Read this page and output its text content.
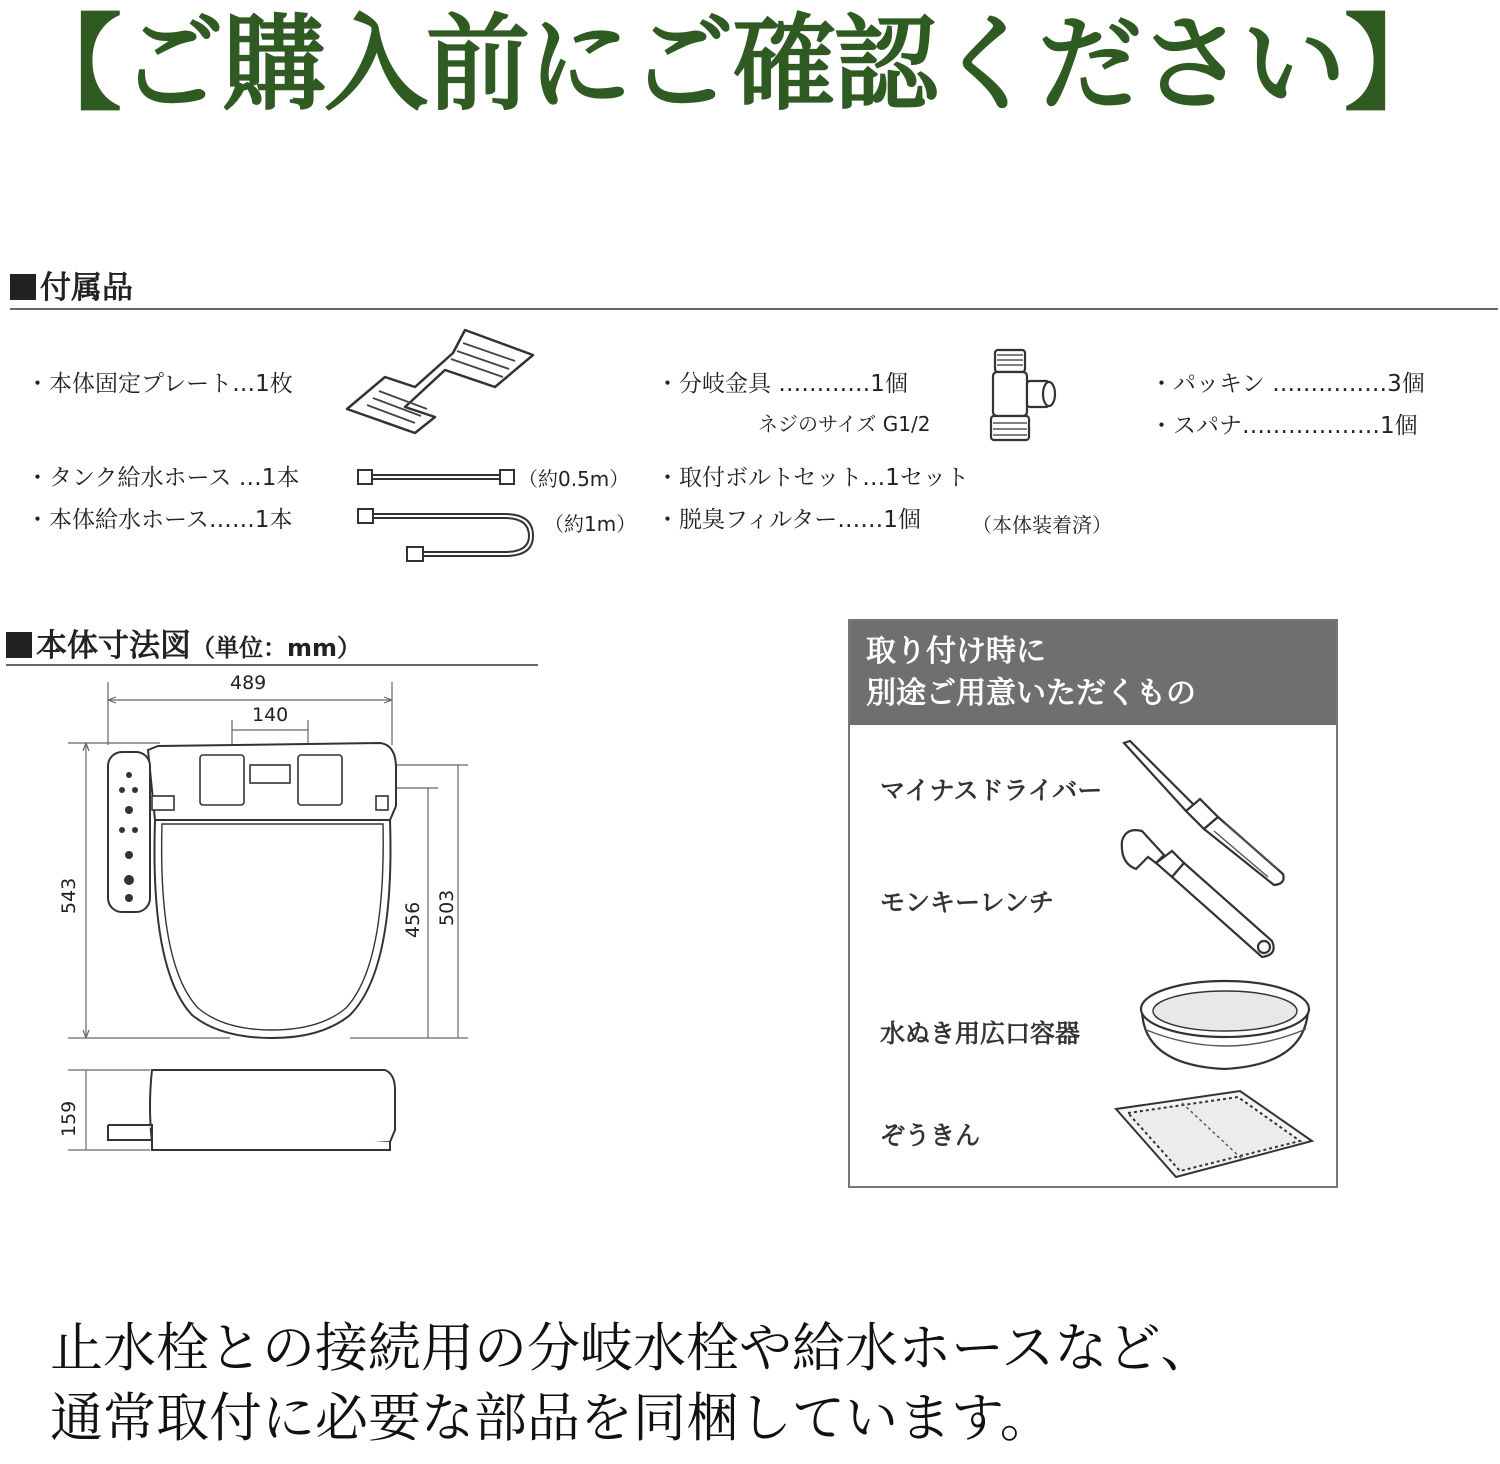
【ご購入前にご確認ください】
付属品
・本体固定プレート…1枚
・タンク給水ホース …1本	（約0.5m）
・本体給水ホース……1本	（約1m）
・分岐金具 …………1個
ネジのサイズ G1/2
・取付ボルトセット…1セット
・脱臭フィルター……1個	（本体装着済）
・パッキン ……………3個
・スパナ………………1個
本体寸法図（単位：mm）
489
140
543
456 503
159
取り付け時に
別途ご用意いただくもの
マイナスドライバー
モンキーレンチ
水ぬき用広口容器
ぞうきん
止水栓との接続用の分岐水栓や給水ホースなど、
通常取付に必要な部品を同梱しています。
